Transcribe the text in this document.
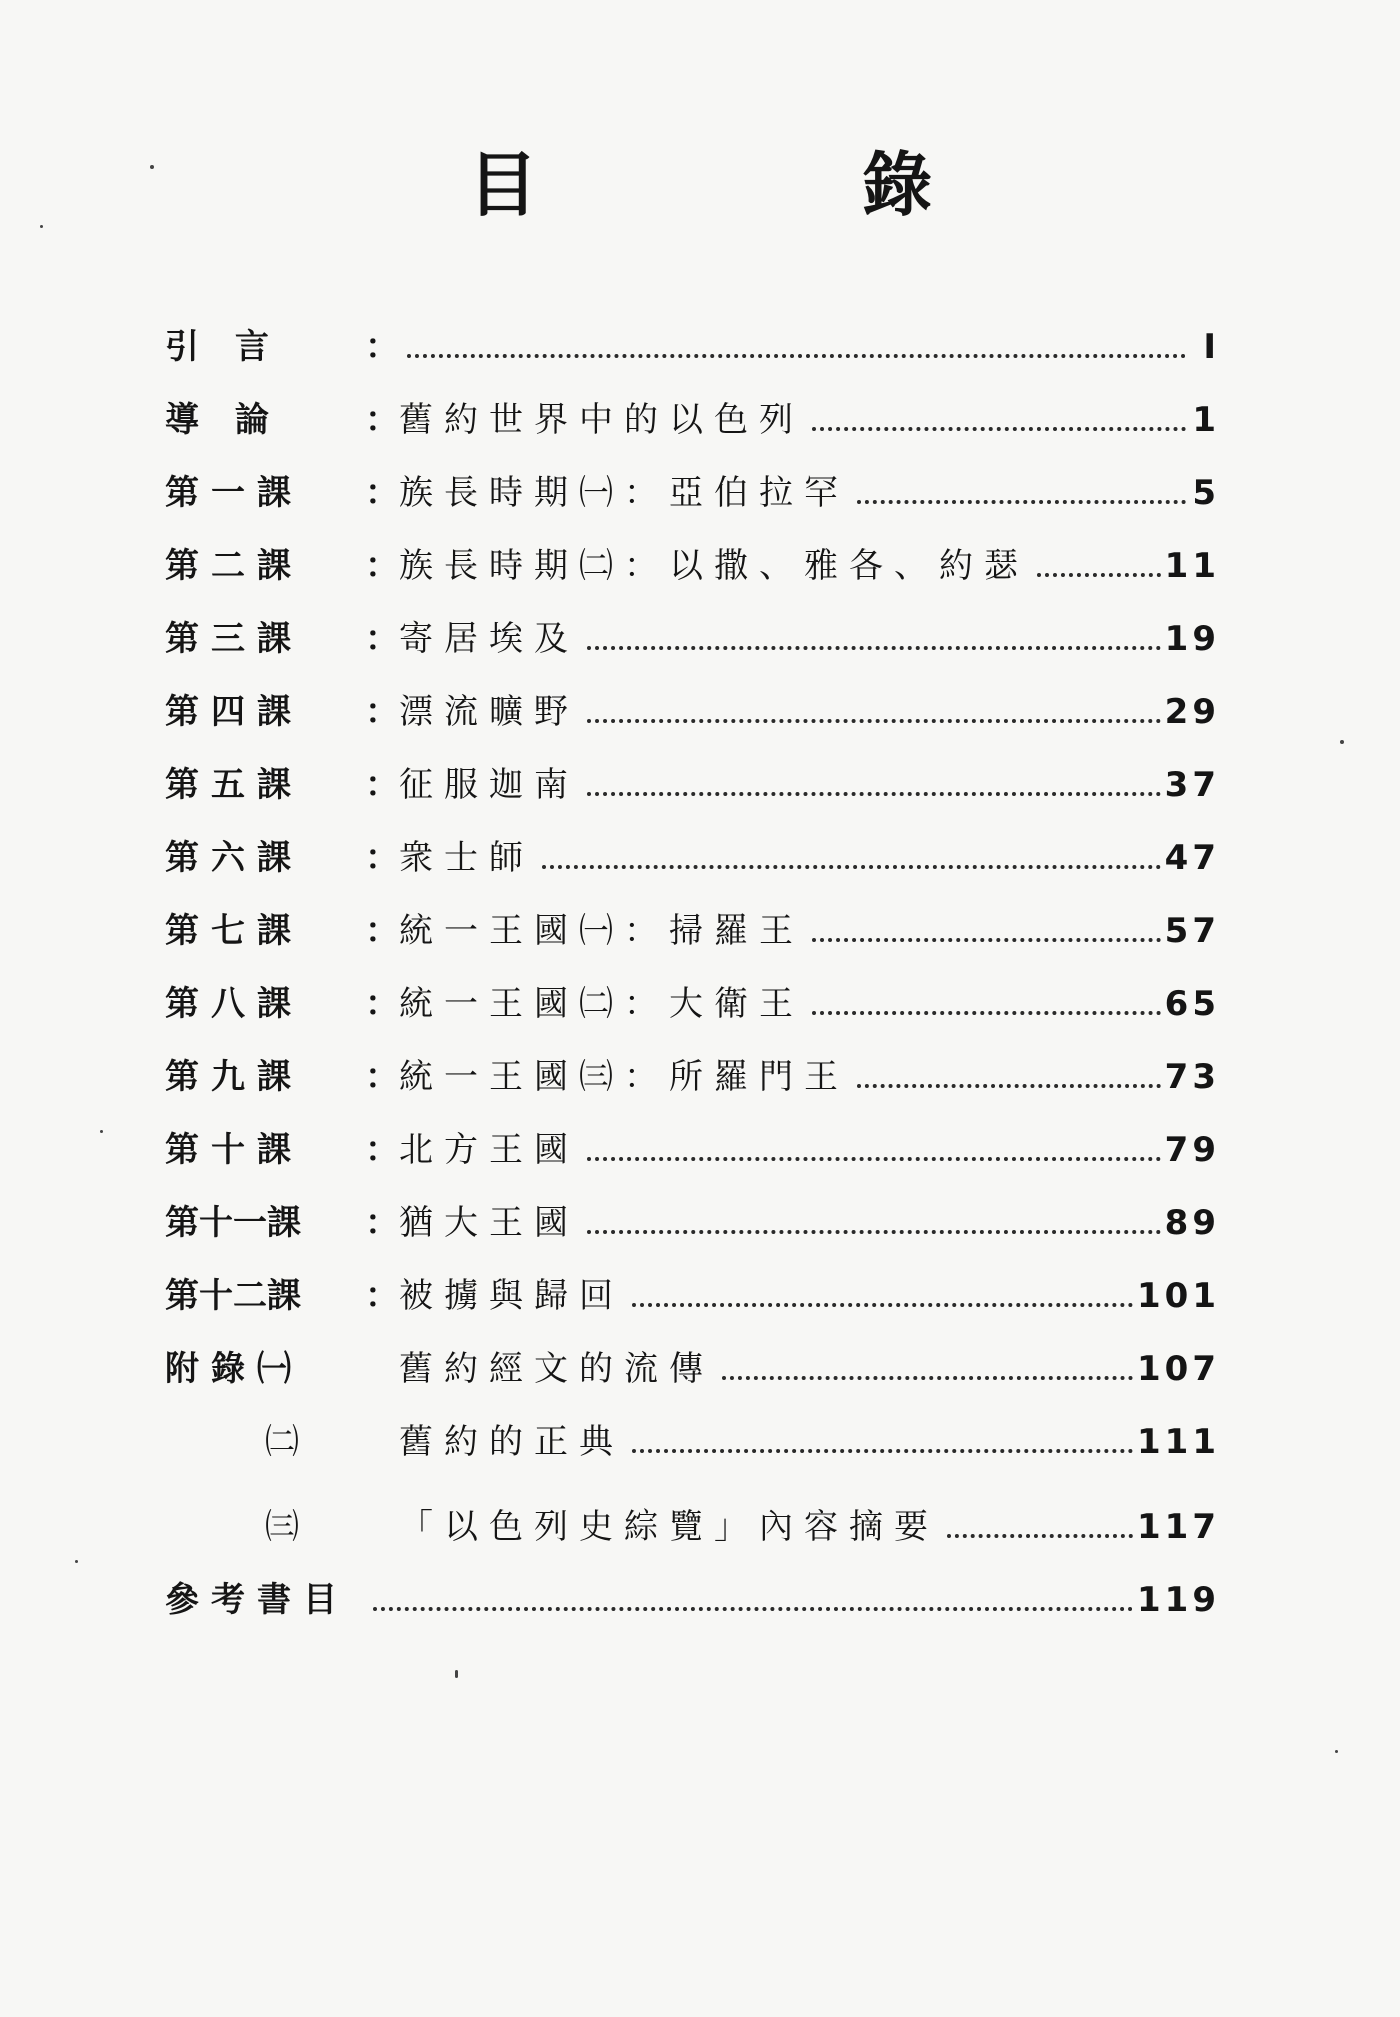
目 錄
引 言	：	I
導 論	： 舊約世界中的以色列	1
第一課	： 族長時期㈠：亞伯拉罕	5
第二課	： 族長時期㈡：以撒、雅各、約瑟	11
第三課	： 寄居埃及	19
第四課	： 漂流曠野	29
第五課	： 征服迦南	37
第六課	： 衆士師	47
第七課	： 統一王國㈠：掃羅王	57
第八課	： 統一王國㈡：大衛王	65
第九課	： 統一王國㈢：所羅門王	73
第十課	： 北方王國	79
第十一課	： 猶大王國	89
第十二課	： 被擄與歸回	101
附錄㈠	舊約經文的流傳	107
㈡	舊約的正典	111
㈢	「以色列史綜覽」內容摘要	117
參考書目	119
